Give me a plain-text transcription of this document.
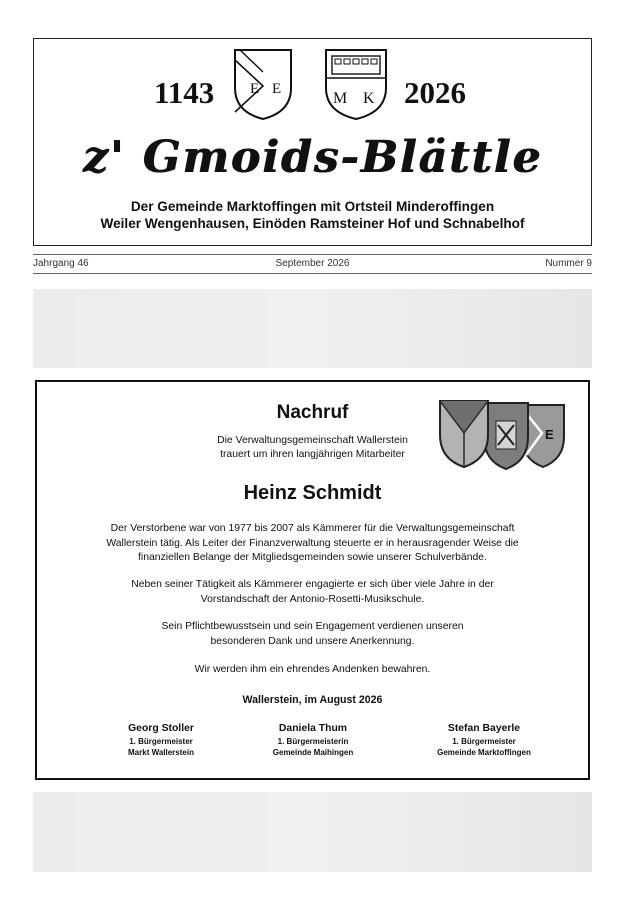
1143 E E
M K 2026
z' Gmoids-Blättle
Der Gemeinde Marktoffingen mit Ortsteil Minderoffingen
Weiler Wengenhausen, Einöden Ramsteiner Hof und Schnabelhof
Jahrgang 46	September 2026	Nummer 9
Nachruf
Die Verwaltungsgemeinschaft Wallerstein
trauert um ihren langjährigen Mitarbeiter
E
Heinz Schmidt
Der Verstorbene war von 1977 bis 2007 als Kämmerer für die Verwaltungsgemeinschaft
Wallerstein tätig. Als Leiter der Finanzverwaltung steuerte er in herausragender Weise die
finanziellen Belange der Mitgliedsgemeinden sowie unserer Schulverbände.
Neben seiner Tätigkeit als Kämmerer engagierte er sich über viele Jahre in der
Vorstandschaft der Antonio-Rosetti-Musikschule.
Sein Pflichtbewusstsein und sein Engagement verdienen unseren
besonderen Dank und unsere Anerkennung.
Wir werden ihm ein ehrendes Andenken bewahren.
Wallerstein, im August 2026
Georg Stoller
1. Bürgermeister
Markt Wallerstein
Daniela Thum
1. Bürgermeisterin
Gemeinde Maihingen
Stefan Bayerle
1. Bürgermeister
Gemeinde Marktoffingen
